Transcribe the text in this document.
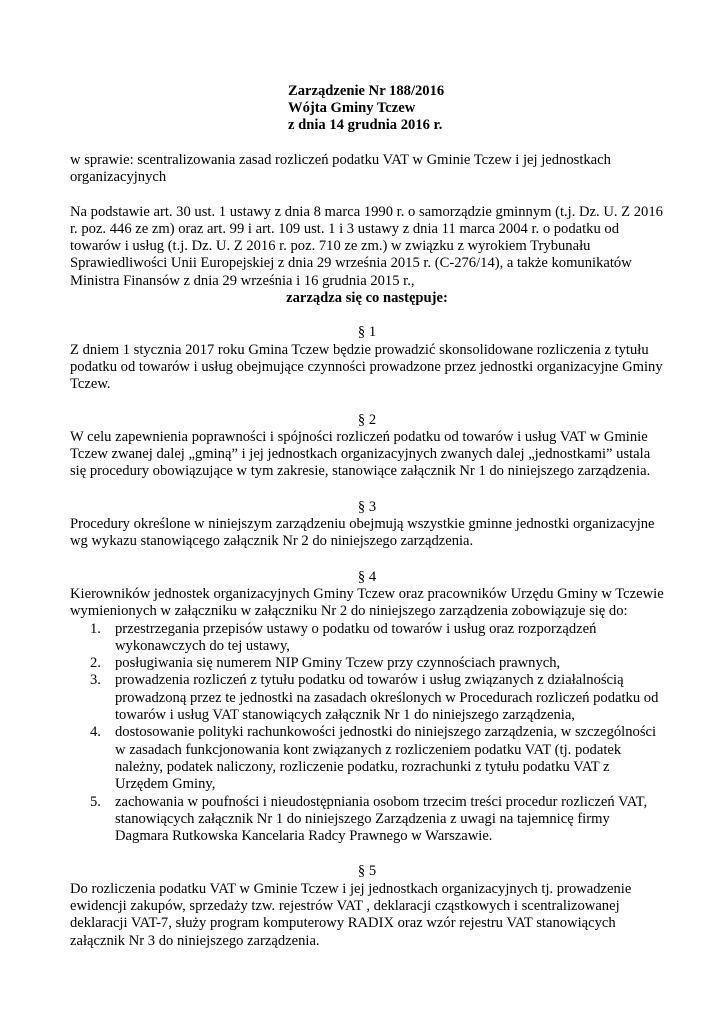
Zarządzenie Nr 188/2016
Wójta Gminy Tczew
z dnia 14 grudnia 2016 r.

w sprawie: scentralizowania zasad rozliczeń podatku VAT w Gminie Tczew i jej jednostkach organizacyjnych

Na podstawie art. 30 ust. 1 ustawy z dnia 8 marca 1990 r. o samorządzie gminnym (t.j. Dz. U. Z 2016 r. poz. 446 ze zm) oraz art. 99 i art. 109 ust. 1 i 3 ustawy z dnia 11 marca 2004 r. o podatku od towarów i usług (t.j. Dz. U. Z 2016 r. poz. 710 ze zm.) w związku z wyrokiem Trybunału Sprawiedliwości Unii Europejskiej z dnia 29 września 2015 r. (C-276/14), a także komunikatów Ministra Finansów z dnia 29 września i 16 grudnia 2015 r.,

zarządza się co następuje:
§ 1

Z dniem 1 stycznia 2017 roku Gmina Tczew będzie prowadzić skonsolidowane rozliczenia z tytułu podatku od towarów i usług obejmujące czynności prowadzone przez jednostki organizacyjne Gminy Tczew.

§ 2

W celu zapewnienia poprawności i spójności rozliczeń podatku od towarów i usług VAT w Gminie Tczew zwanej dalej „gminą” i jej jednostkach organizacyjnych zwanych dalej „jednostkami” ustala się procedury obowiązujące w tym zakresie, stanowiące załącznik Nr 1 do niniejszego zarządzenia.

§ 3

Procedury określone w niniejszym zarządzeniu obejmują wszystkie gminne jednostki organizacyjne wg wykazu stanowiącego załącznik Nr 2 do niniejszego zarządzenia.

§ 4

Kierowników jednostek organizacyjnych Gminy Tczew oraz pracowników Urzędu Gminy w Tczewie wymienionych w załączniku w załączniku Nr 2 do niniejszego zarządzenia zobowiązuje się do:

1. przestrzegania przepisów ustawy o podatku od towarów i usług oraz rozporządzeń wykonawczych do tej ustawy,
2. posługiwania się numerem NIP Gminy Tczew przy czynnościach prawnych,
3. prowadzenia rozliczeń z tytułu podatku od towarów i usług związanych z działalnością prowadzoną przez te jednostki na zasadach określonych w Procedurach rozliczeń podatku od towarów i usług VAT stanowiących załącznik Nr 1 do niniejszego zarządzenia,
4. dostosowanie polityki rachunkowości jednostki do niniejszego zarządzenia, w szczególności w zasadach funkcjonowania kont związanych z rozliczeniem podatku VAT (tj. podatek należny, podatek naliczony, rozliczenie podatku, rozrachunki z tytułu podatku VAT z Urzędem Gminy,
5. zachowania w poufności i nieudostępniania osobom trzecim treści procedur rozliczeń VAT, stanowiących załącznik Nr 1 do niniejszego Zarządzenia z uwagi na tajemnicę firmy Dagmara Rutkowska Kancelaria Radcy Prawnego w Warszawie.
§ 5

Do rozliczenia podatku VAT w Gminie Tczew i jej jednostkach organizacyjnych tj. prowadzenie ewidencji zakupów, sprzedaży tzw. rejestrów VAT , deklaracji cząstkowych i scentralizowanej deklaracji VAT-7, służy program komputerowy RADIX oraz wzór rejestru VAT stanowiących załącznik Nr 3 do niniejszego zarządzenia.
